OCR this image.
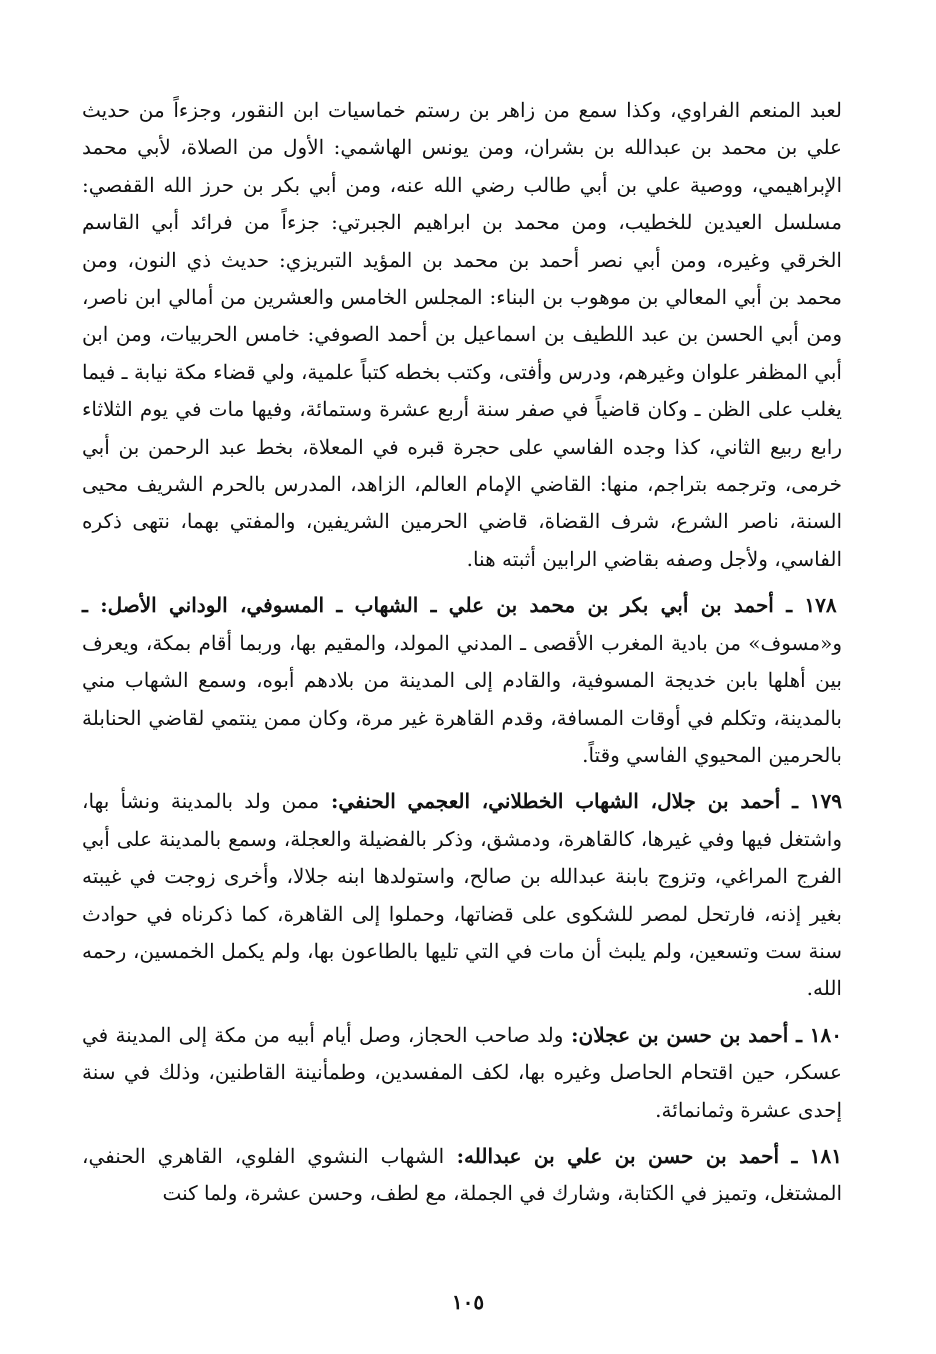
لعبد المنعم الفراوي، وكذا سمع من زاهر بن رستم خماسيات ابن النقور، وجزءاً من حديث علي بن محمد بن عبدالله بن بشران، ومن يونس الهاشمي: الأول من الصلاة، لأبي محمد الإبراهيمي، ووصية علي بن أبي طالب رضي الله عنه، ومن أبي بكر بن حرز الله القفصي: مسلسل العيدين للخطيب، ومن محمد بن ابراهيم الجبرتي: جزءاً من فرائد أبي القاسم الخرقي وغيره، ومن أبي نصر أحمد بن محمد بن المؤيد التبريزي: حديث ذي النون، ومن محمد بن أبي المعالي بن موهوب بن البناء: المجلس الخامس والعشرين من أمالي ابن ناصر، ومن أبي الحسن بن عبد اللطيف بن اسماعيل بن أحمد الصوفي: خامس الحربيات، ومن ابن أبي المظفر علوان وغيرهم، ودرس وأفتى، وكتب بخطه كتباً علمية، ولي قضاء مكة نيابة ـ فيما يغلب على الظن ـ وكان قاضياً في صفر سنة أربع عشرة وستمائة، وفيها مات في يوم الثلاثاء رابع ربيع الثاني، كذا وجده الفاسي على حجرة قبره في المعلاة، بخط عبد الرحمن بن أبي خرمى، وترجمه بتراجم، منها: القاضي الإمام العالم، الزاهد، المدرس بالحرم الشريف محيى السنة، ناصر الشرع، شرف القضاة، قاضي الحرمين الشريفين، والمفتي بهما، نتهى ذكره الفاسي، ولأجل وصفه بقاضي الرابين أثبته هنا.

١٧٨ ـ أحمد بن أبي بكر بن محمد بن علي ـ الشهاب ـ المسوفي، الوداني الأصل: ـ و«مسوف» من بادية المغرب الأقصى ـ المدني المولد، والمقيم بها، وربما أقام بمكة، ويعرف بين أهلها بابن خديجة المسوفية، والقادم إلى المدينة من بلادهم أبوه، وسمع الشهاب مني بالمدينة، وتكلم في أوقات المسافة، وقدم القاهرة غير مرة، وكان ممن ينتمي لقاضي الحنابلة بالحرمين المحيوي الفاسي وقتاً.

١٧٩ ـ أحمد بن جلال، الشهاب الخطلاني، العجمي الحنفي: ممن ولد بالمدينة ونشأ بها، واشتغل فيها وفي غيرها، كالقاهرة، ودمشق، وذكر بالفضيلة والعجلة، وسمع بالمدينة على أبي الفرج المراغي، وتزوج بابنة عبدالله بن صالح، واستولدها ابنه جلالا، وأخرى زوجت في غيبته بغير إذنه، فارتحل لمصر للشكوى على قضاتها، وحملوا إلى القاهرة، كما ذكرناه في حوادث سنة ست وتسعين، ولم يلبث أن مات في التي تليها بالطاعون بها، ولم يكمل الخمسين، رحمه الله.

١٨٠ ـ أحمد بن حسن بن عجلان: ولد صاحب الحجاز، وصل أيام أبيه من مكة إلى المدينة في عسكر، حين اقتحام الحاصل وغيره بها، لكف المفسدين، وطمأنينة القاطنين، وذلك في سنة إحدى عشرة وثمانمائة.

١٨١ ـ أحمد بن حسن بن علي بن عبدالله: الشهاب النشوي الفلوي، القاهري الحنفي، المشتغل، وتميز في الكتابة، وشارك في الجملة، مع لطف، وحسن عشرة، ولما كنت

١٠٥
